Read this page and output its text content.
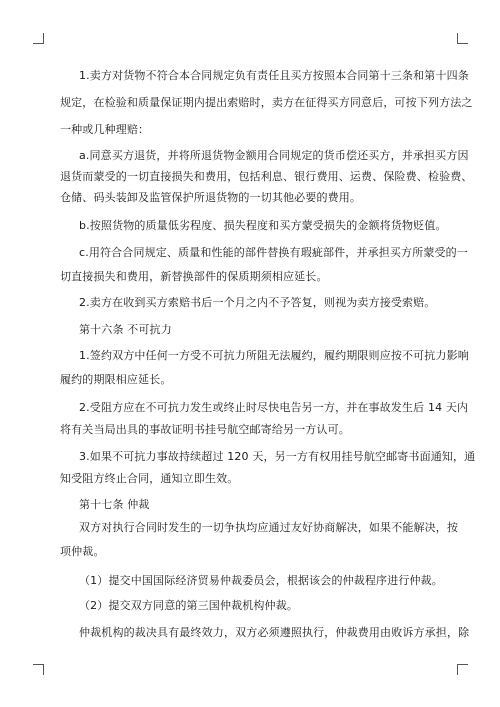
1.卖方对货物不符合本合同规定负有责任且买方按照本合同第十三条和第十四条
规定，在检验和质量保证期内提出索赔时，卖方在征得买方同意后，可按下列方法之
一种或几种理赔：
a.同意买方退货，并将所退货物金额用合同规定的货币偿还买方，并承担买方因
退货而蒙受的一切直接损失和费用，包括利息、银行费用、运费、保险费、检验费、
仓储、码头装卸及监管保护所退货物的一切其他必要的费用。
b.按照货物的质量低劣程度、损失程度和买方蒙受损失的金额将货物贬值。
c.用符合合同规定、质量和性能的部件替换有瑕疵部件，并承担买方所蒙受的一
切直接损失和费用，新替换部件的保质期须相应延长。
2.卖方在收到买方索赔书后一个月之内不予答复，则视为卖方接受索赔。
第十六条 不可抗力
1.签约双方中任何一方受不可抗力所阻无法履约，履约期限则应按不可抗力影响
履约的期限相应延长。
2.受阻方应在不可抗力发生或终止时尽快电告另一方，并在事故发生后 14 天内
将有关当局出具的事故证明书挂号航空邮寄给另一方认可。
3.如果不可抗力事故持续超过 120 天，另一方有权用挂号航空邮寄书面通知，通
知受阻方终止合同，通知立即生效。
第十七条 仲裁
双方对执行合同时发生的一切争执均应通过友好协商解决，如果不能解决，按
项仲裁。
（1）提交中国国际经济贸易仲裁委员会，根据该会的仲裁程序进行仲裁。
（2）提交双方同意的第三国仲裁机构仲裁。
仲裁机构的裁决具有最终效力，双方必须遵照执行，仲裁费用由败诉方承担，除
